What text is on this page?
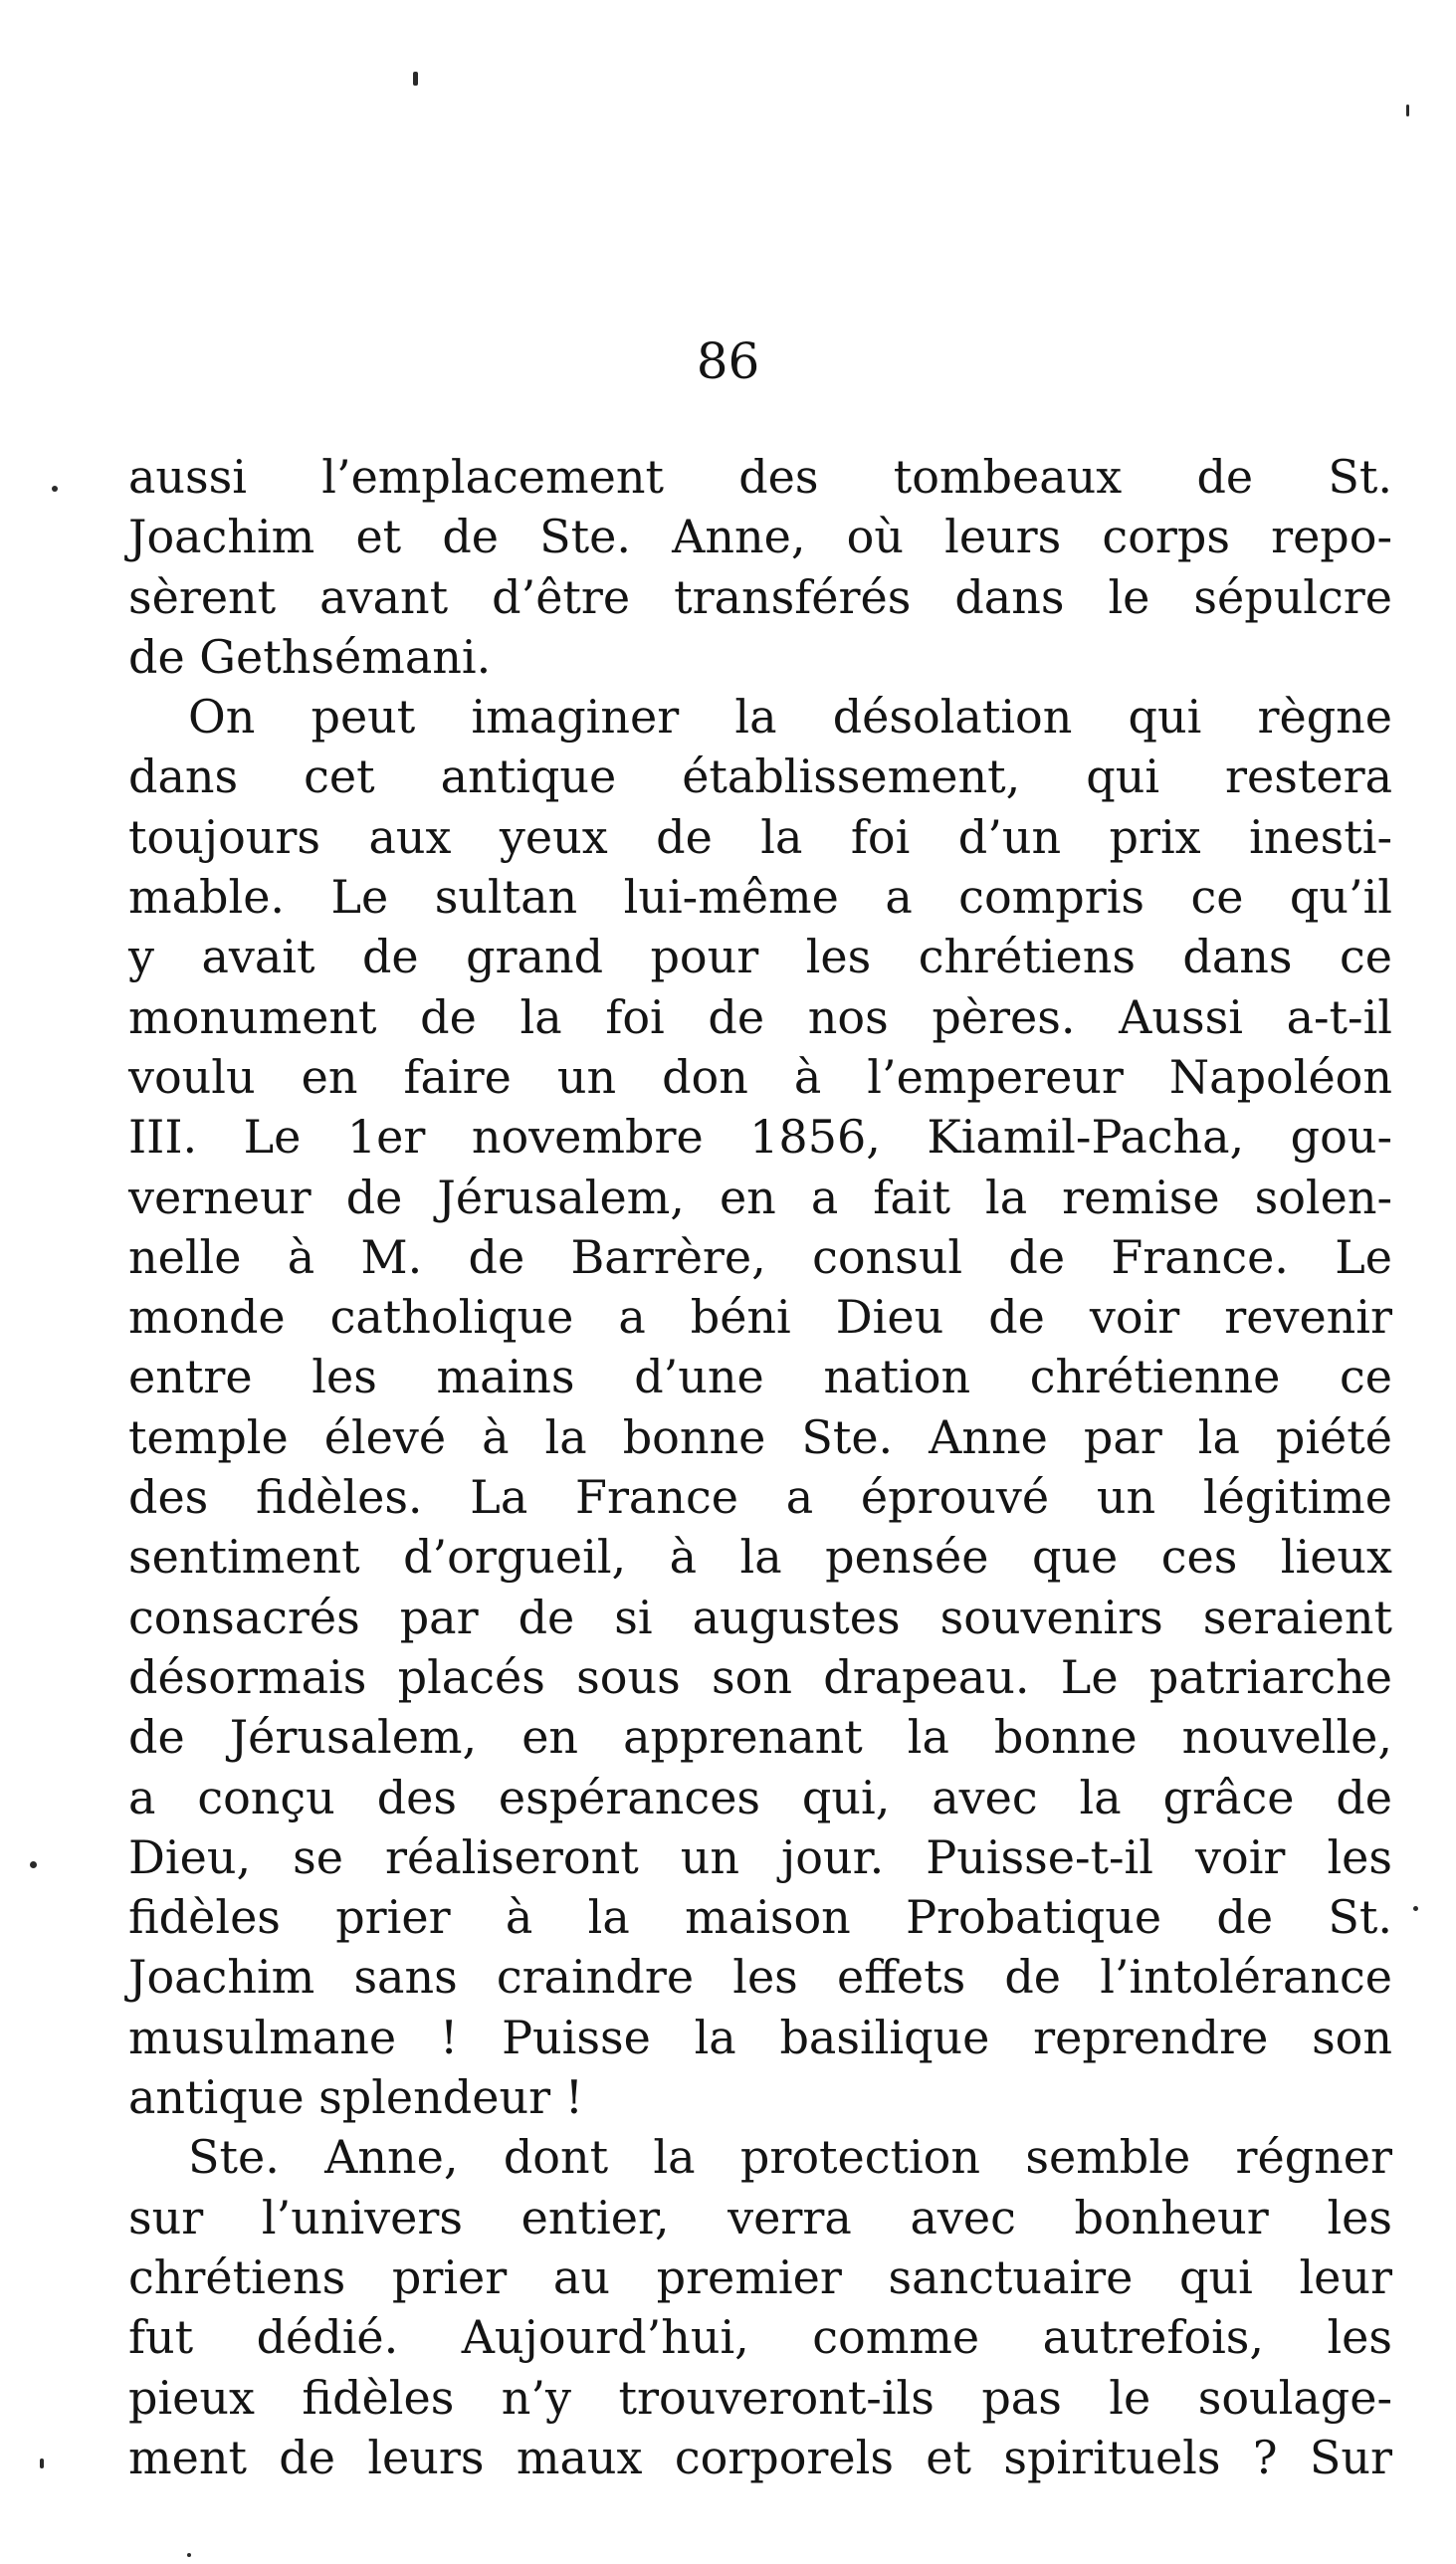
86
aussi l’emplacement des tombeaux de St.
Joachim et de Ste. Anne, où leurs corps repo-
sèrent avant d’être transférés dans le sépulcre
de Gethsémani.
On peut imaginer la désolation qui règne
dans cet antique établissement, qui restera
toujours aux yeux de la foi d’un prix inesti-
mable. Le sultan lui-même a compris ce qu’il
y avait de grand pour les chrétiens dans ce
monument de la foi de nos pères. Aussi a-t-il
voulu en faire un don à l’empereur Napoléon
III. Le 1er novembre 1856, Kiamil-Pacha, gou-
verneur de Jérusalem, en a fait la remise solen-
nelle à M. de Barrère, consul de France. Le
monde catholique a béni Dieu de voir revenir
entre les mains d’une nation chrétienne ce
temple élevé à la bonne Ste. Anne par la piété
des fidèles. La France a éprouvé un légitime
sentiment d’orgueil, à la pensée que ces lieux
consacrés par de si augustes souvenirs seraient
désormais placés sous son drapeau. Le patriarche
de Jérusalem, en apprenant la bonne nouvelle,
a conçu des espérances qui, avec la grâce de
Dieu, se réaliseront un jour. Puisse-t-il voir les
fidèles prier à la maison Probatique de St.
Joachim sans craindre les effets de l’intolérance
musulmane ! Puisse la basilique reprendre son
antique splendeur !
Ste. Anne, dont la protection semble régner
sur l’univers entier, verra avec bonheur les
chrétiens prier au premier sanctuaire qui leur
fut dédié. Aujourd’hui, comme autrefois, les
pieux fidèles n’y trouveront-ils pas le soulage-
ment de leurs maux corporels et spirituels ? Sur
